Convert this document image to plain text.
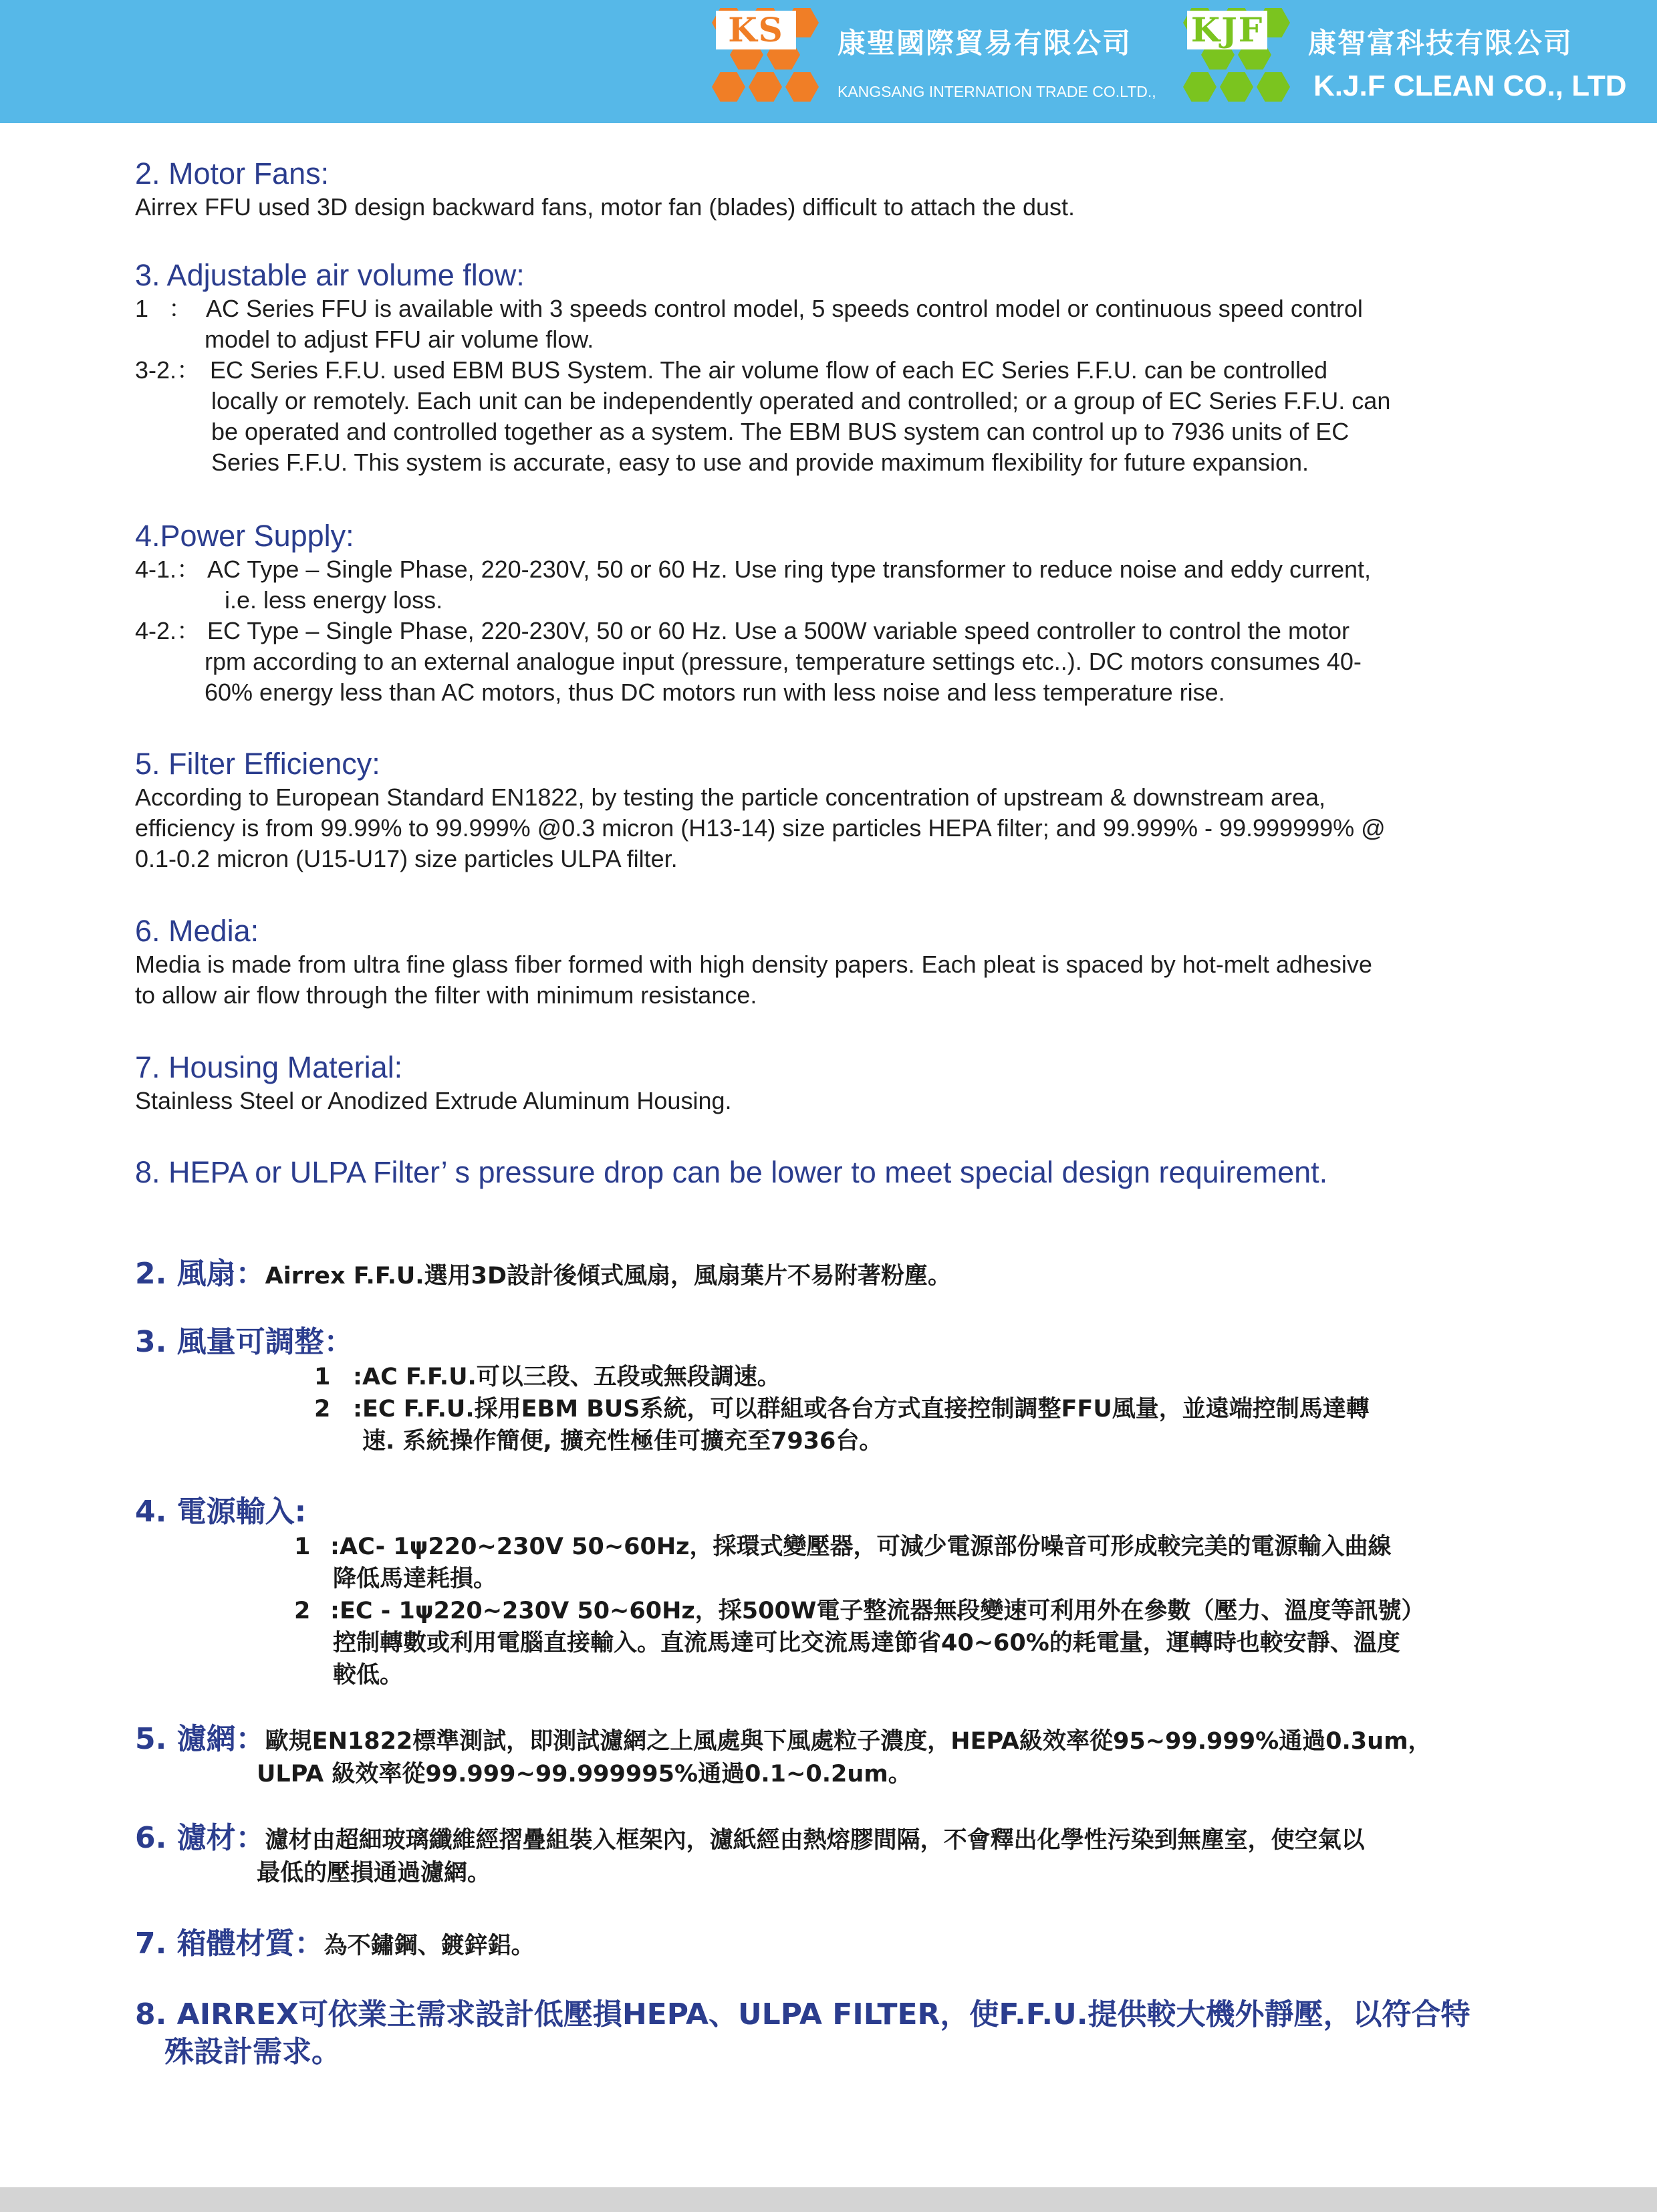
KS	康聖國際貿易有限公司
KANGSANG INTERNATION TRADE CO.LTD.,
KJF 康智富科技有限公司
K.J.F CLEAN CO., LTD
2. Motor Fans:
Airrex FFU used 3D design backward fans, motor fan (blades) difficult to attach the dust.
3. Adjustable air volume flow:
1   ： AC Series FFU is available with 3 speeds control model, 5 speeds control model or continuous speed control
model to adjust FFU air volume flow.
3-2.： EC Series F.F.U. used EBM BUS System. The air volume flow of each EC Series F.F.U. can be controlled
locally or remotely. Each unit can be independently operated and controlled; or a group of EC Series F.F.U. can
be operated and controlled together as a system. The EBM BUS system can control up to 7936 units of EC
Series F.F.U. This system is accurate, easy to use and provide maximum flexibility for future expansion.
4.Power Supply:
4-1.： AC Type – Single Phase, 220-230V, 50 or 60 Hz. Use ring type transformer to reduce noise and eddy current,
i.e. less energy loss.
4-2.： EC Type – Single Phase, 220-230V, 50 or 60 Hz. Use a 500W variable speed controller to control the motor
rpm according to an external analogue input (pressure, temperature settings etc..). DC motors consumes 40-
60% energy less than AC motors, thus DC motors run with less noise and less temperature rise.
5. Filter Efficiency:
According to European Standard EN1822, by testing the particle concentration of upstream & downstream area,
efficiency is from 99.99% to 99.999% @0.3 micron (H13-14) size particles HEPA filter; and 99.999% - 99.999999% @
0.1-0.2 micron (U15-U17) size particles ULPA filter.
6. Media:
Media is made from ultra fine glass fiber formed with high density papers. Each pleat is spaced by hot-melt adhesive
to allow air flow through the filter with minimum resistance.
7. Housing Material:
Stainless Steel or Anodized Extrude Aluminum Housing.
8. HEPA or ULPA Filter’ s pressure drop can be lower to meet special design requirement.
2. 風扇：Airrex F.F.U.選用3D設計後傾式風扇，風扇葉片不易附著粉塵。
3. 風量可調整：
1 :AC F.F.U.可以三段、五段或無段調速。
2 :EC F.F.U.採用EBM BUS系統，可以群組或各台方式直接控制調整FFU風量，並遠端控制馬達轉
速. 系統操作簡便, 擴充性極佳可擴充至7936台。
4. 電源輸入:
1 :AC- 1ψ220~230V 50~60Hz，採環式變壓器，可減少電源部份噪音可形成較完美的電源輸入曲線
降低馬達耗損。
2 :EC - 1ψ220~230V 50~60Hz，採500W電子整流器無段變速可利用外在參數（壓力、溫度等訊號）
控制轉數或利用電腦直接輸入。直流馬達可比交流馬達節省40~60%的耗電量，運轉時也較安靜、溫度
較低。
5. 濾網：歐規EN1822標準測試，即測試濾網之上風處與下風處粒子濃度，HEPA級效率從95~99.999%通過0.3um，
ULPA 級效率從99.999~99.999995%通過0.1~0.2um。
6. 濾材：濾材由超細玻璃纖維經摺疊組裝入框架內，濾紙經由熱熔膠間隔，不會釋出化學性污染到無塵室，使空氣以
最低的壓損通過濾網。
7. 箱體材質：為不鏽鋼、鍍鋅鋁。
8. AIRREX可依業主需求設計低壓損HEPA、ULPA FILTER，使F.F.U.提供較大機外靜壓，以符合特
殊設計需求。
